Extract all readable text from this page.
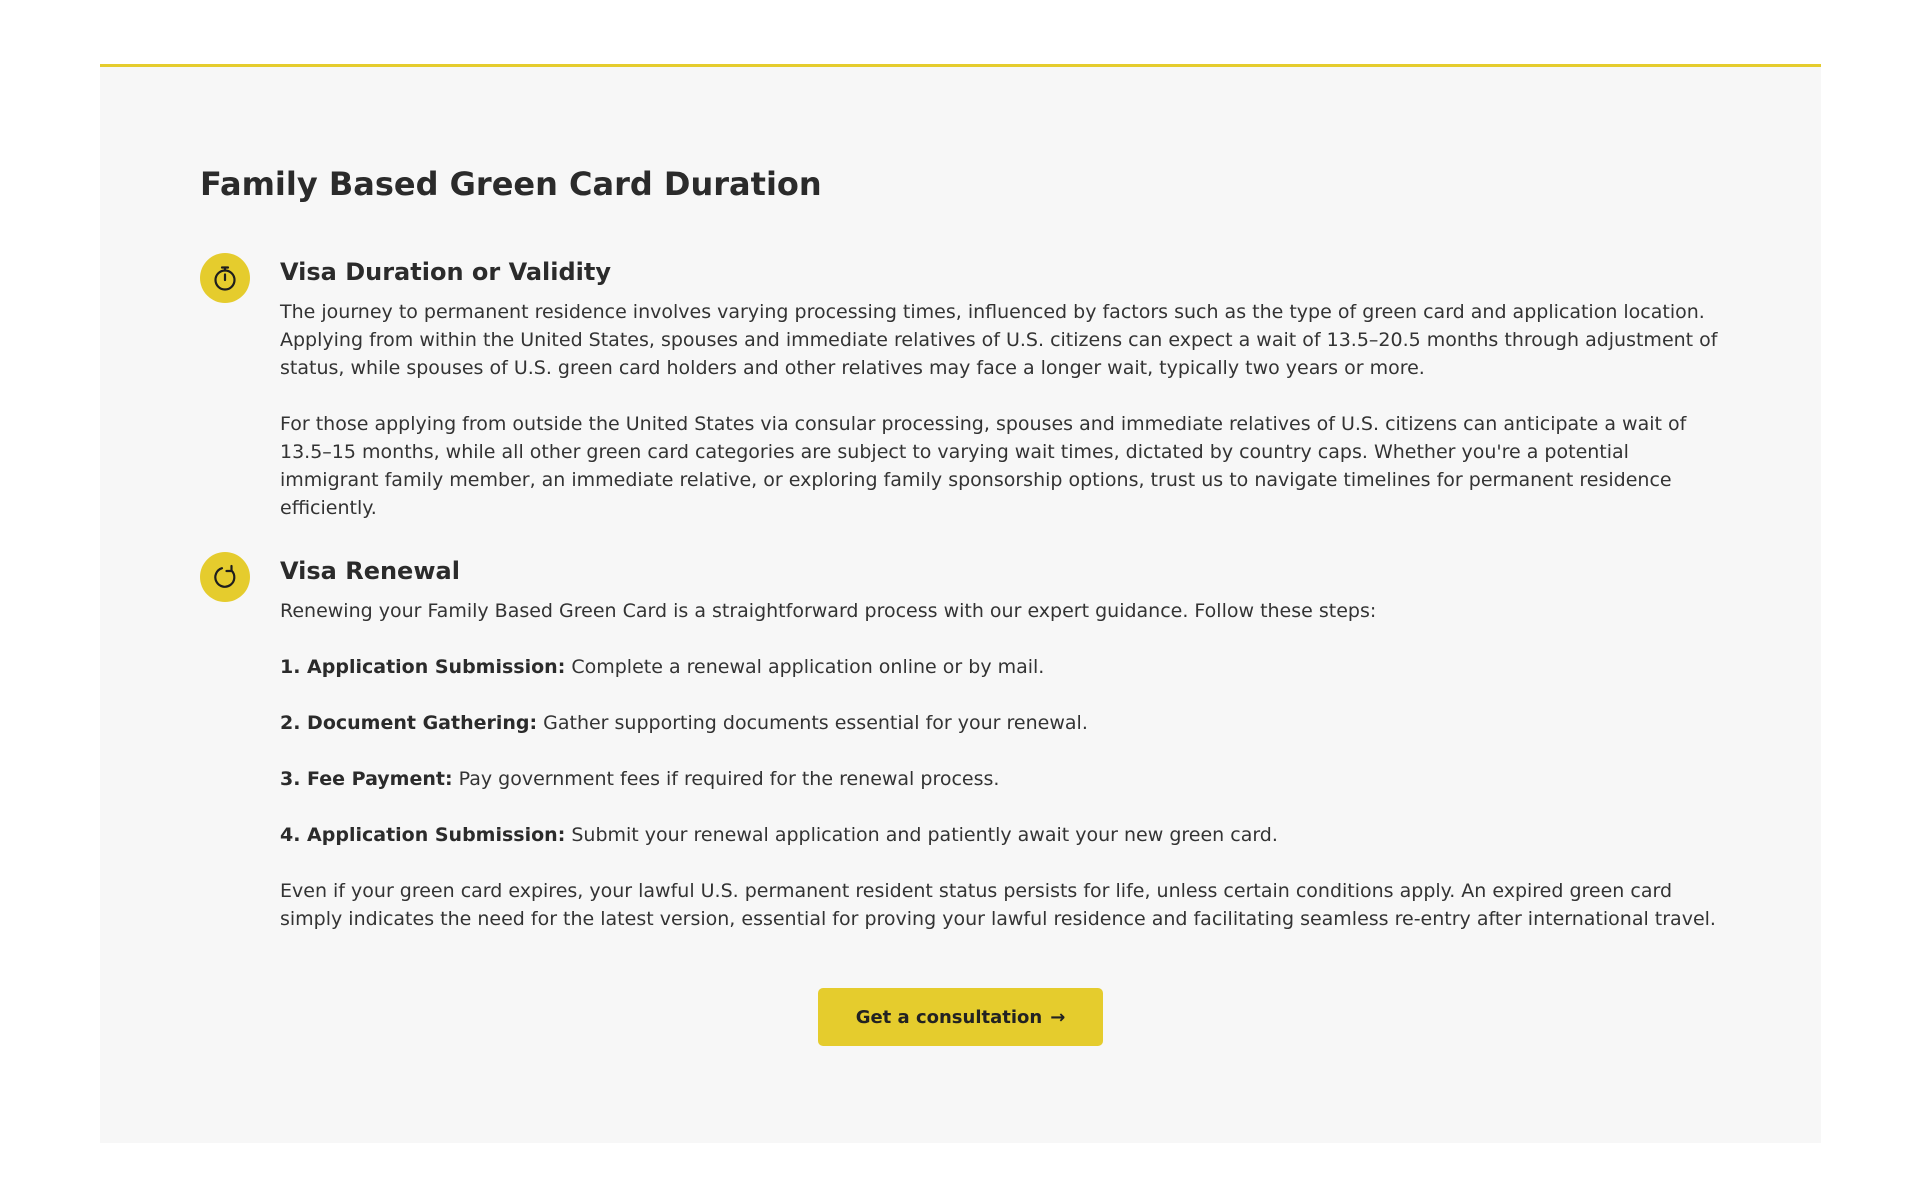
Family Based Green Card Duration
Visa Duration or Validity

The journey to permanent residence involves varying processing times, influenced by factors such as the type of green card and application location. Applying from within the United States, spouses and immediate relatives of U.S. citizens can expect a wait of 13.5–20.5 months through adjustment of status, while spouses of U.S. green card holders and other relatives may face a longer wait, typically two years or more.

For those applying from outside the United States via consular processing, spouses and immediate relatives of U.S. citizens can anticipate a wait of 13.5–15 months, while all other green card categories are subject to varying wait times, dictated by country caps. Whether you're a potential immigrant family member, an immediate relative, or exploring family sponsorship options, trust us to navigate timelines for permanent residence efficiently.

Visa Renewal

Renewing your Family Based Green Card is a straightforward process with our expert guidance. Follow these steps:

1. Application Submission: Complete a renewal application online or by mail.

2. Document Gathering: Gather supporting documents essential for your renewal.

3. Fee Payment: Pay government fees if required for the renewal process.

4. Application Submission: Submit your renewal application and patiently await your new green card.

Even if your green card expires, your lawful U.S. permanent resident status persists for life, unless certain conditions apply. An expired green card simply indicates the need for the latest version, essential for proving your lawful residence and facilitating seamless re-entry after international travel.

Get a consultation →
